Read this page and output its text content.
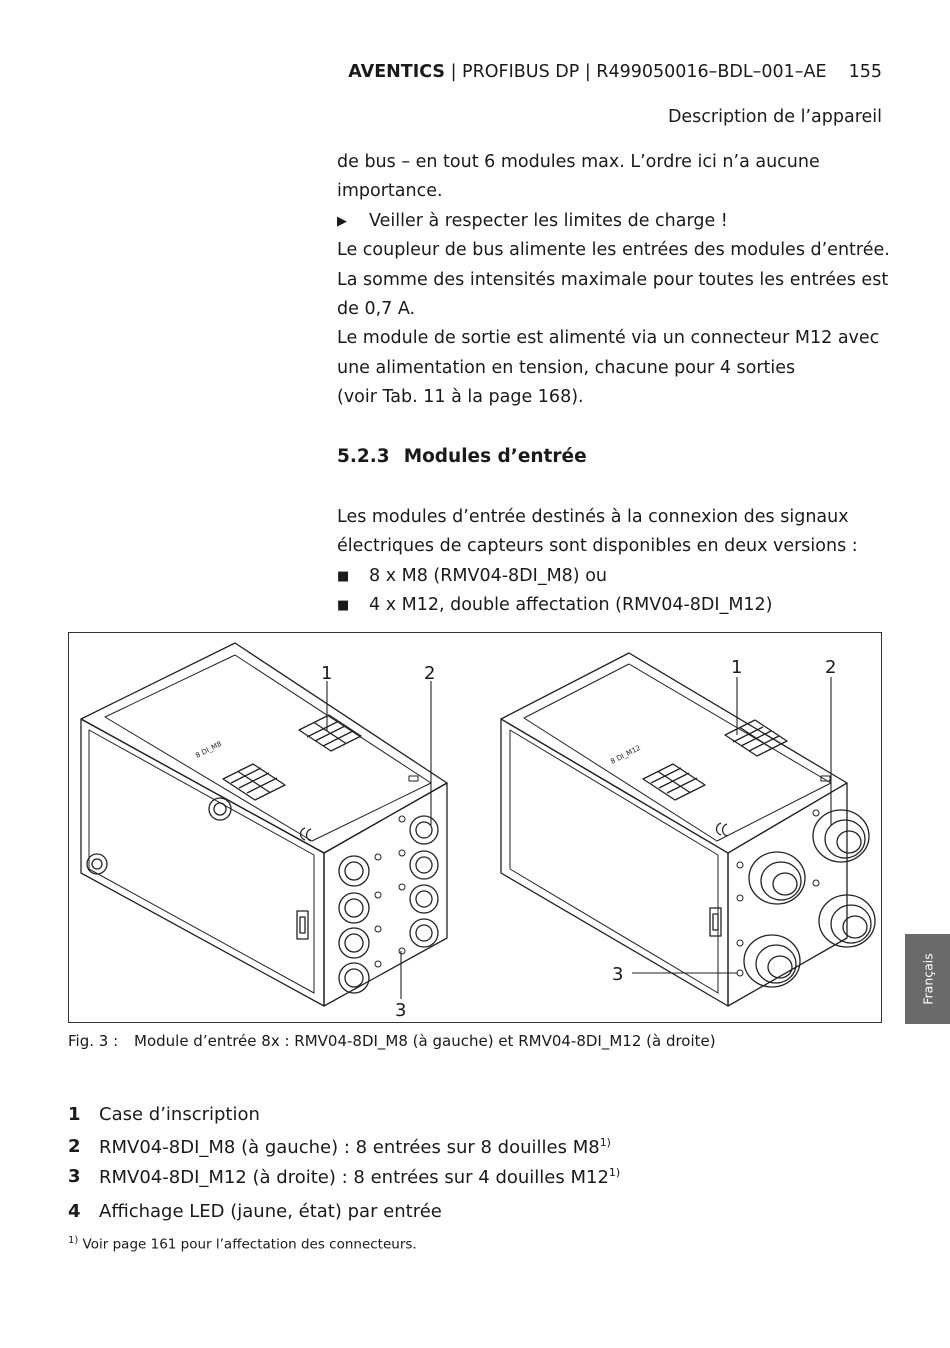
AVENTICS | PROFIBUS DP | R499050016–BDL–001–AE 155
Description de l’appareil

de bus – en tout 6 modules max. L’ordre ici n’a aucune

importance.

▶ Veiller à respecter les limites de charge !

Le coupleur de bus alimente les entrées des modules d’entrée.

La somme des intensités maximale pour toutes les entrées est

de 0,7 A.

Le module de sortie est alimenté via un connecteur M12 avec

une alimentation en tension, chacune pour 4 sorties

(voir Tab. 11 à la page 168).

5.2.3 Modules d’entrée

Les modules d’entrée destinés à la connexion des signaux

électriques de capteurs sont disponibles en deux versions :

■ 8 x M8 (RMV04-8DI_M8) ou
■ 4 x M12, double affectation (RMV04-8DI_M12)
8 DI_M8	8 DI_M12
1	2
3
1	2
3
Fig. 3 : Module d’entrée 8x : RMV04-8DI_M8 (à gauche) et RMV04-8DI_M12 (à droite)
1 Case d’inscription
2 RMV04-8DI_M8 (à gauche) : 8 entrées sur 8 douilles M8$^{1)}$
3 RMV04-8DI_M12 (à droite) : 8 entrées sur 4 douilles M12$^{1)}$
4 Affichage LED (jaune, état) par entrée
$^{1)}$ Voir page 161 pour l’affectation des connecteurs.
Français
